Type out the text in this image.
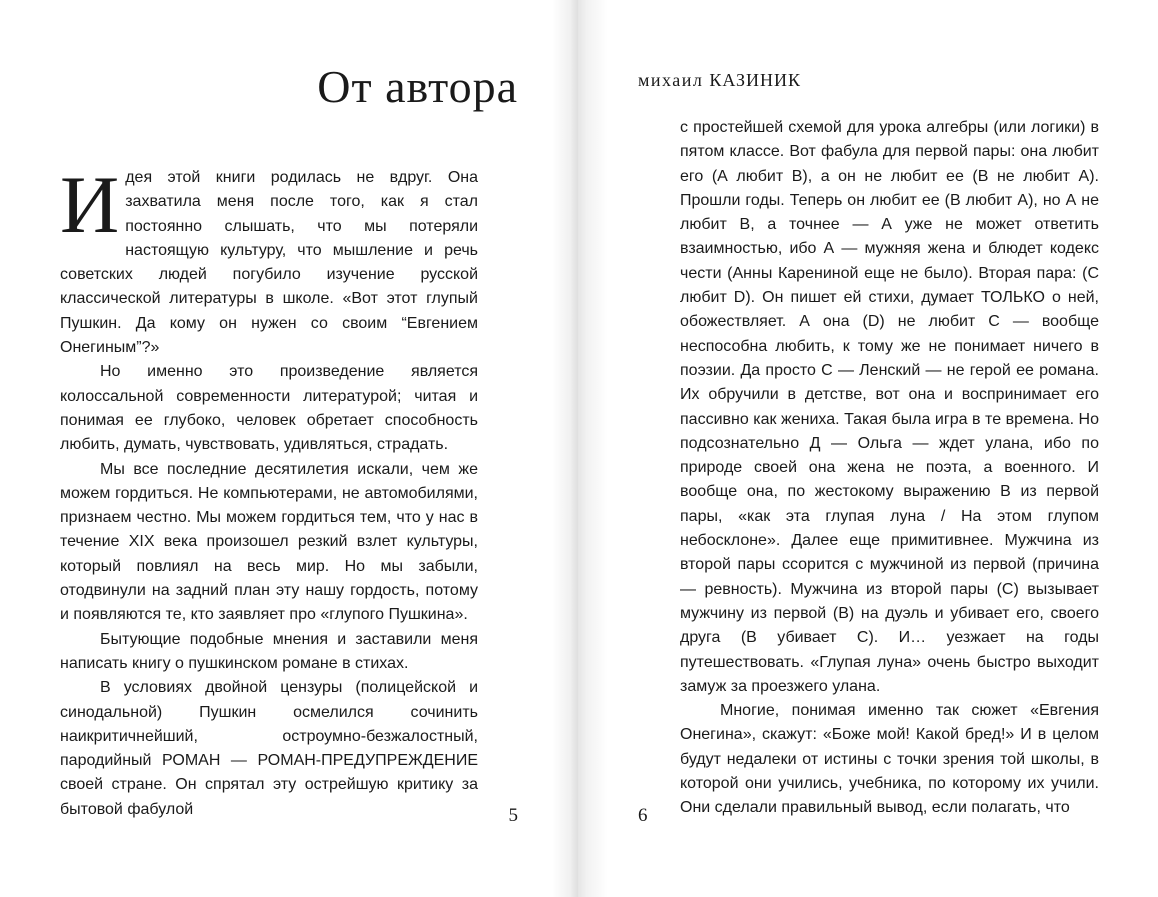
От автора

Идея этой книги родилась не вдруг. Она захватила меня после того, как я стал постоянно слышать, что мы потеряли настоящую культуру, что мышление и речь советских людей погубило изучение русской классической литературы в школе. «Вот этот глупый Пушкин. Да кому он нужен со своим “Евгением Онегиным”?»

Но именно это произведение является колоссальной современности литературой; читая и понимая ее глубоко, человек обретает способность любить, думать, чувствовать, удивляться, страдать.

Мы все последние десятилетия искали, чем же можем гордиться. Не компьютерами, не автомобилями, признаем честно. Мы можем гордиться тем, что у нас в течение XIX века произошел резкий взлет культуры, который повлиял на весь мир. Но мы забыли, отодвинули на задний план эту нашу гордость, потому и появляются те, кто заявляет про «глупого Пушкина».

Бытующие подобные мнения и заставили меня написать книгу о пушкинском романе в стихах.

В условиях двойной цензуры (полицейской и синодальной) Пушкин осмелился сочинить наикритичнейший, остроумно-безжалостный, пародийный РОМАН — РОМАН-ПРЕДУПРЕЖДЕНИЕ своей стране. Он спрятал эту острейшую критику за бытовой фабулой	5
михаил КАЗИНИК
6

с простейшей схемой для урока алгебры (или логики) в пятом классе. Вот фабула для первой пары: она любит его (А любит В), а он не любит ее (В не любит А). Прошли годы. Теперь он любит ее (В любит А), но А не любит В, а точнее — А уже не может ответить взаимностью, ибо А — мужняя жена и блюдет кодекс чести (Анны Карениной еще не было). Вторая пара: (С любит D). Он пишет ей стихи, думает ТОЛЬКО о ней, обожествляет. А она (D) не любит С — вообще неспособна любить, к тому же не понимает ничего в поэзии. Да просто С — Ленский — не герой ее романа. Их обручили в детстве, вот она и воспринимает его пассивно как жениха. Такая была игра в те времена. Но подсознательно Д — Ольга — ждет улана, ибо по природе своей она жена не поэта, а военного. И вообще она, по жестокому выражению В из первой пары, «как эта глупая луна / На этом глупом небосклоне». Далее еще примитивнее. Мужчина из второй пары ссорится с мужчиной из первой (причина — ревность). Мужчина из второй пары (С) вызывает мужчину из первой (В) на дуэль и убивает его, своего друга (В убивает С). И… уезжает на годы путешествовать. «Глупая луна» очень быстро выходит замуж за проезжего улана.

Многие, понимая именно так сюжет «Евгения Онегина», скажут: «Боже мой! Какой бред!» И в целом будут недалеки от истины с точки зрения той школы, в которой они учились, учебника, по которому их учили. Они сделали правильный вывод, если полагать, что
